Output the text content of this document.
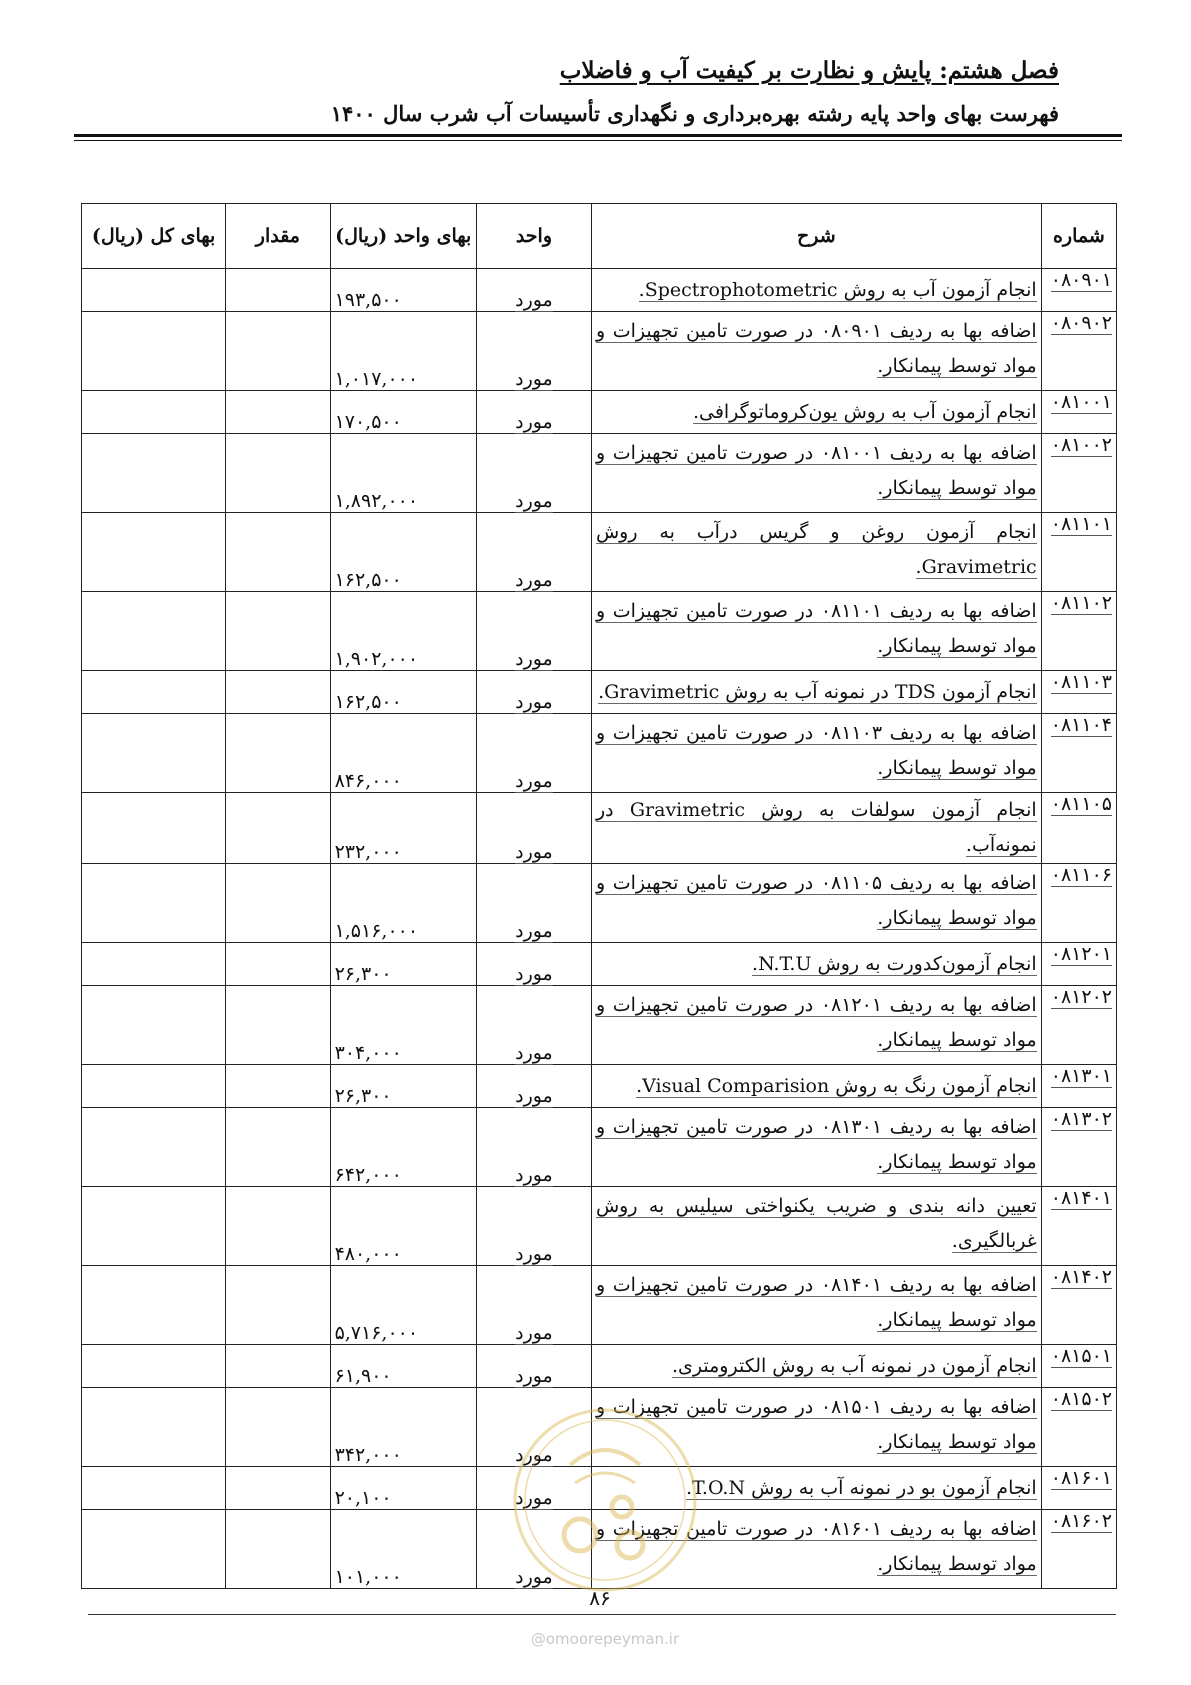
فصل هشتم: پایش و نظارت بر کیفیت آب و فاضلاب
فهرست بهای واحد پایه رشته بهره‌برداری و نگهداری تأسیسات آب شرب سال ۱۴۰۰
شماره	شرح	واحد	بهای واحد (ریال)	مقدار	بهای کل (ریال)
۰۸۰۹۰۱	انجام آزمون آب به روش Spectrophotometric.	مورد	۱۹۳,۵۰۰		
۰۸۰۹۰۲	اضافه بها به ردیف ۰۸۰۹۰۱ در صورت تامین تجهیزات و مواد توسط پیمانکار.	مورد	۱,۰۱۷,۰۰۰		
۰۸۱۰۰۱	انجام آزمون آب به روش یون‌کروماتوگرافی.	مورد	۱۷۰,۵۰۰		
۰۸۱۰۰۲	اضافه بها به ردیف ۰۸۱۰۰۱ در صورت تامین تجهیزات و مواد توسط پیمانکار.	مورد	۱,۸۹۲,۰۰۰		
۰۸۱۱۰۱	انجام آزمون روغن و گریس درآب به روش Gravimetric.	مورد	۱۶۲,۵۰۰		
۰۸۱۱۰۲	اضافه بها به ردیف ۰۸۱۱۰۱ در صورت تامین تجهیزات و مواد توسط پیمانکار.	مورد	۱,۹۰۲,۰۰۰		
۰۸۱۱۰۳	انجام آزمون TDS در نمونه آب به روش Gravimetric.	مورد	۱۶۲,۵۰۰		
۰۸۱۱۰۴	اضافه بها به ردیف ۰۸۱۱۰۳ در صورت تامین تجهیزات و مواد توسط پیمانکار.	مورد	۸۴۶,۰۰۰		
۰۸۱۱۰۵	انجام آزمون سولفات به روش Gravimetric در نمونه‌آب.	مورد	۲۳۲,۰۰۰		
۰۸۱۱۰۶	اضافه بها به ردیف ۰۸۱۱۰۵ در صورت تامین تجهیزات و مواد توسط پیمانکار.	مورد	۱,۵۱۶,۰۰۰		
۰۸۱۲۰۱	انجام آزمون‌کدورت به روش N.T.U.	مورد	۲۶,۳۰۰		
۰۸۱۲۰۲	اضافه بها به ردیف ۰۸۱۲۰۱ در صورت تامین تجهیزات و مواد توسط پیمانکار.	مورد	۳۰۴,۰۰۰		
۰۸۱۳۰۱	انجام آزمون رنگ به روش Visual Comparision.	مورد	۲۶,۳۰۰		
۰۸۱۳۰۲	اضافه بها به ردیف ۰۸۱۳۰۱ در صورت تامین تجهیزات و مواد توسط پیمانکار.	مورد	۶۴۲,۰۰۰		
۰۸۱۴۰۱	تعیین دانه بندی و ضریب یکنواختی سیلیس به روش غربالگیری.	مورد	۴۸۰,۰۰۰		
۰۸۱۴۰۲	اضافه بها به ردیف ۰۸۱۴۰۱ در صورت تامین تجهیزات و مواد توسط پیمانکار.	مورد	۵,۷۱۶,۰۰۰		
۰۸۱۵۰۱	انجام آزمون در نمونه آب به روش الکترومتری.	مورد	۶۱,۹۰۰		
۰۸۱۵۰۲	اضافه بها به ردیف ۰۸۱۵۰۱ در صورت تامین تجهیزات و مواد توسط پیمانکار.	مورد	۳۴۲,۰۰۰		
۰۸۱۶۰۱	انجام آزمون بو در نمونه آب به روش T.O.N.	مورد	۲۰,۱۰۰		
۰۸۱۶۰۲	اضافه بها به ردیف ۰۸۱۶۰۱ در صورت تامین تجهیزات و مواد توسط پیمانکار.	مورد	۱۰۱,۰۰۰		
۸۶
@omoorepeyman.ir
